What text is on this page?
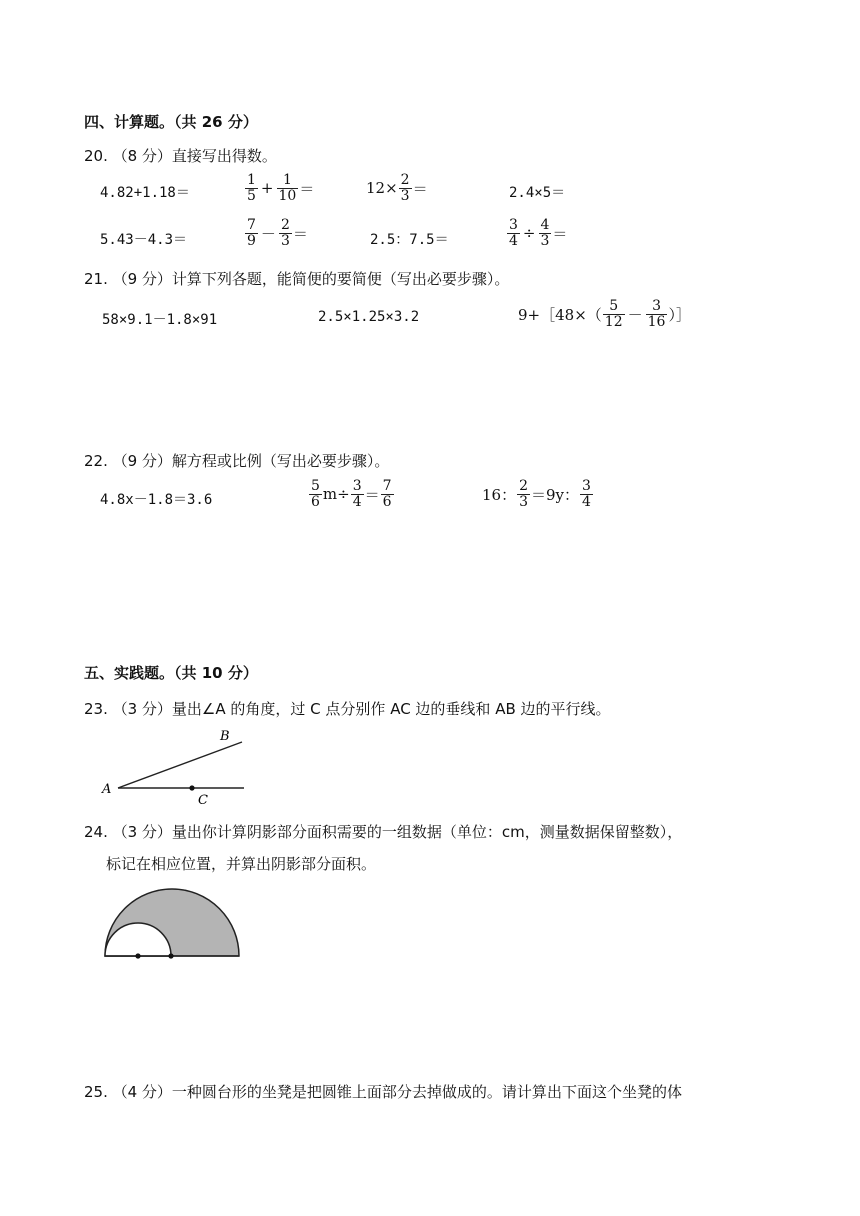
四、计算题。（共 26 分）
20. （8 分）直接写出得数。
4.82+1.18＝	$\frac{1}{5} + \frac{1}{10}$ ＝	$12\times \frac{2}{3}$ ＝	2.4×5＝
5.43－4.3＝	$\frac{7}{9} - \frac{2}{3}$ ＝	2.5：7.5＝	$\frac{3}{4} \div \frac{4}{3}$ ＝
21. （9 分）计算下列各题，能简便的要简便（写出必要步骤）。
58×9.1－1.8×91	2.5×1.25×3.2	9+［48×（ $\frac{5}{12} - \frac{3}{16}$ ）］
22. （9 分）解方程或比例（写出必要步骤）。
4.8x－1.8＝3.6	$\frac{5}{6} m\div \frac{3}{4} = \frac{7}{6}$	16： $\frac{2}{3} =9y$： $\frac{3}{4}$
五、实践题。（共 10 分）
23. （3 分）量出∠A 的角度，过 C 点分别作 AC 边的垂线和 AB 边的平行线。
A
B
C
24. （3 分）量出你计算阴影部分面积需要的一组数据（单位：cm，测量数据保留整数），
标记在相应位置，并算出阴影部分面积。
25. （4 分）一种圆台形的坐凳是把圆锥上面部分去掉做成的。请计算出下面这个坐凳的体
